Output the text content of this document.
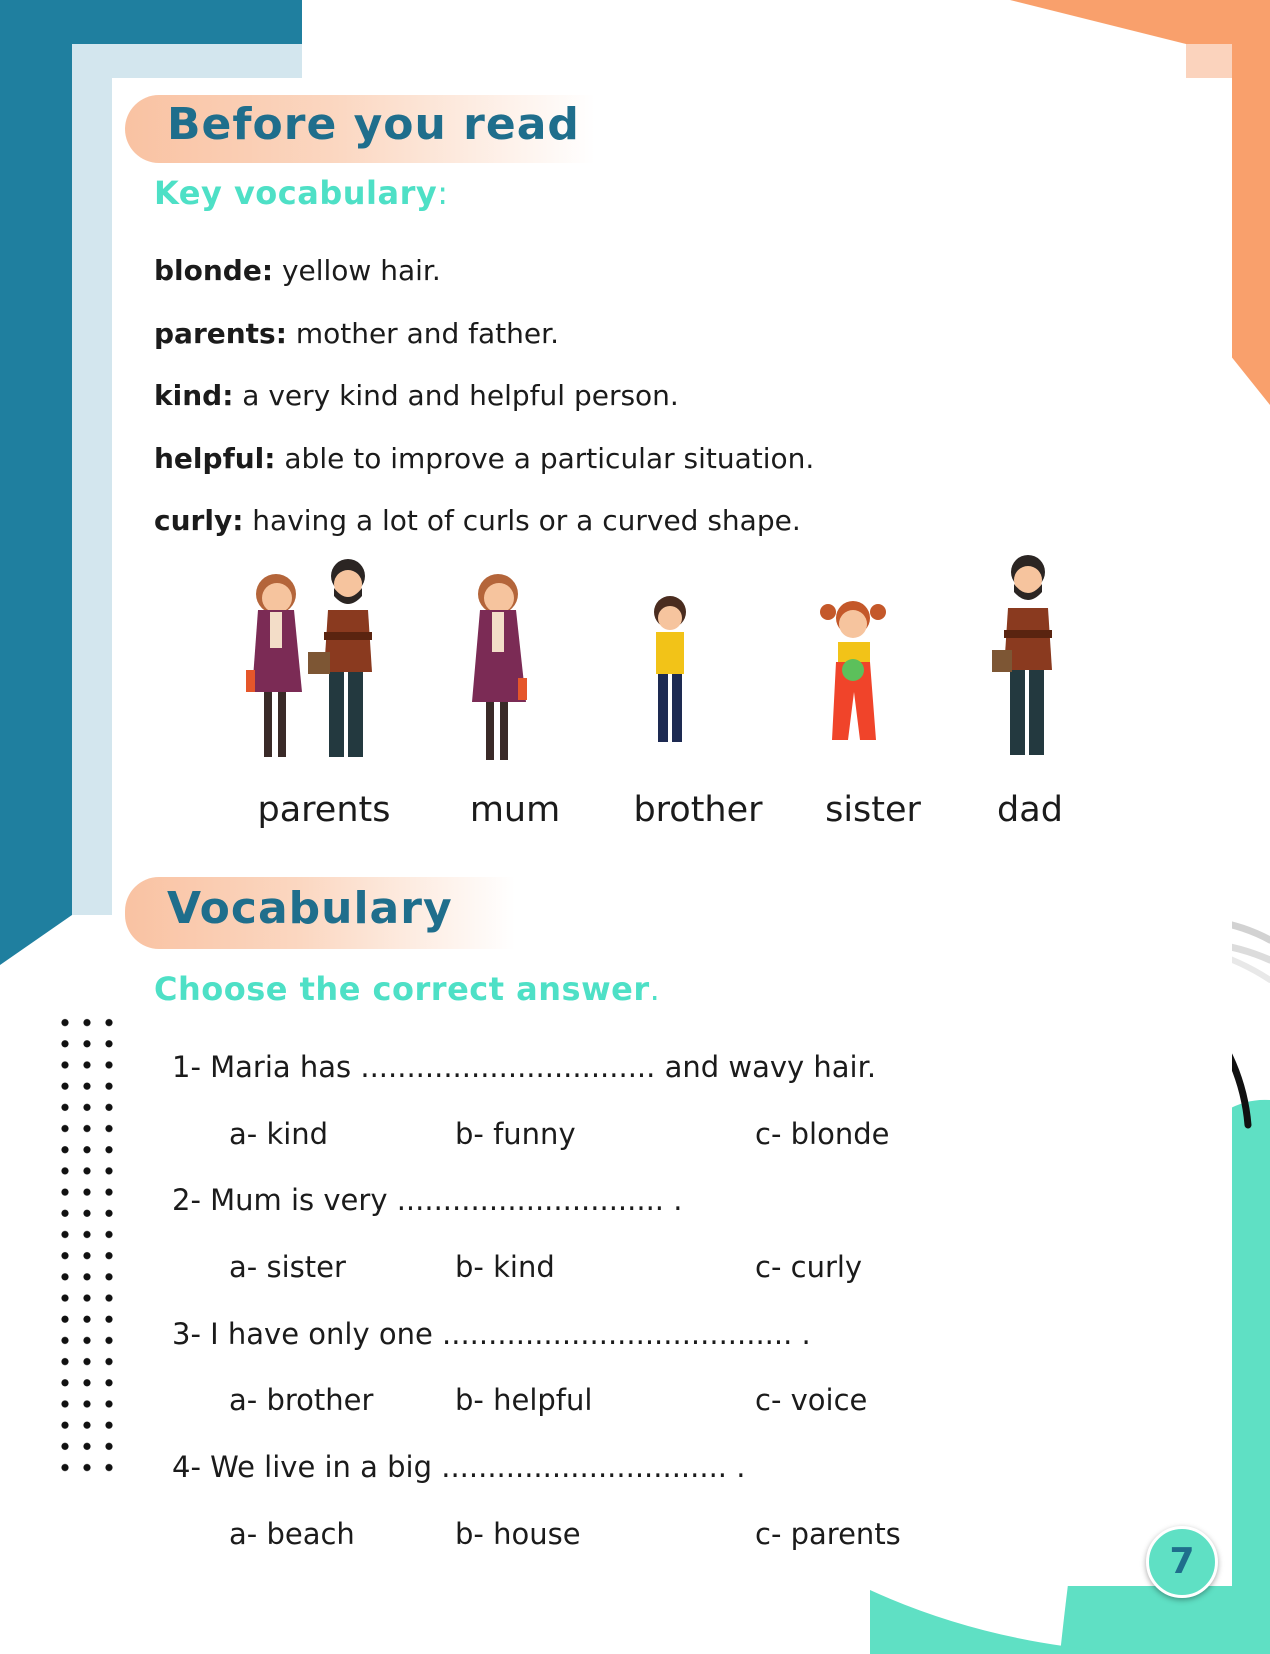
Before you read
Key vocabulary:
blonde: yellow hair.
parents: mother and father.
kind: a very kind and helpful person.
helpful: able to improve a particular situation.
curly: having a lot of curls or a curved shape.
parents	mum	brother	sister	dad
Vocabulary
Choose the correct answer.
1- Maria has ................................ and wavy hair.
a- kind	b- funny	c- blonde
2- Mum is very ............................. .
a- sister	b- kind	c- curly
3- I have only one ...................................... .
a- brother	b- helpful	c- voice
4- We live in a big ............................... .
a- beach	b- house	c- parents
7
